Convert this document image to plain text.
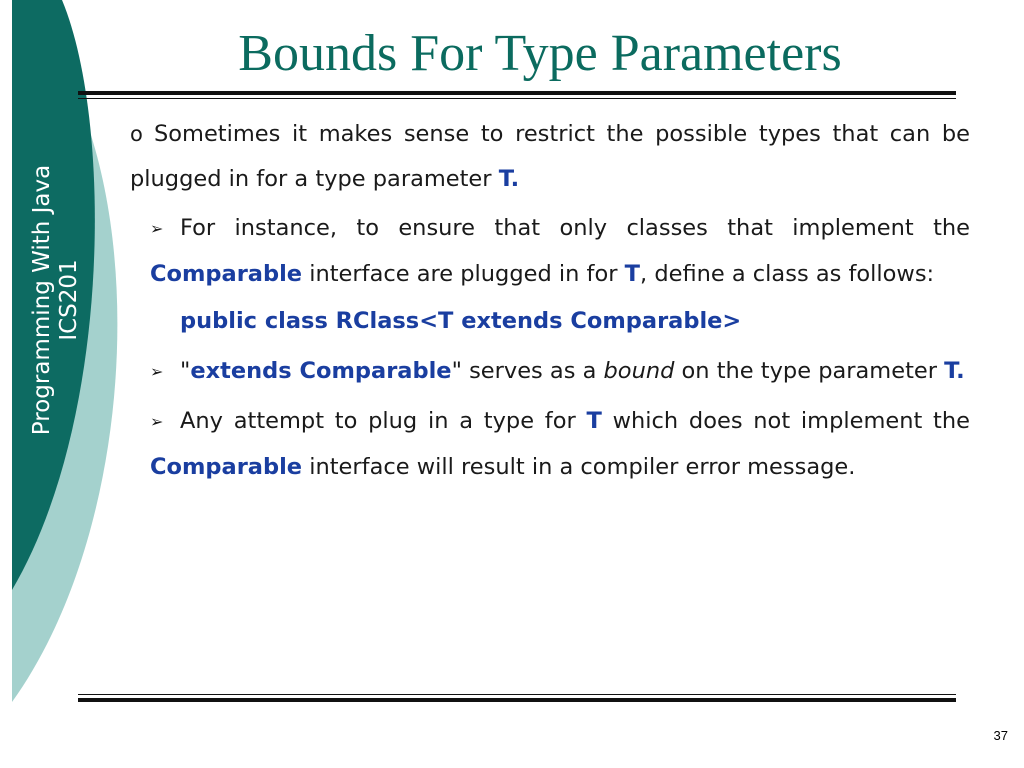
Programming With Java ICS201
Bounds For Type Parameters

o Sometimes it makes sense to restrict the possible types that can be plugged in for a type parameter T.

➢ For instance, to ensure that only classes that implement the Comparable interface are plugged in for T, define a class as follows:

public class RClass<T extends Comparable>

➢ "extends Comparable" serves as a bound on the type parameter T.

➢ Any attempt to plug in a type for T which does not implement the Comparable interface will result in a compiler error message.

37
